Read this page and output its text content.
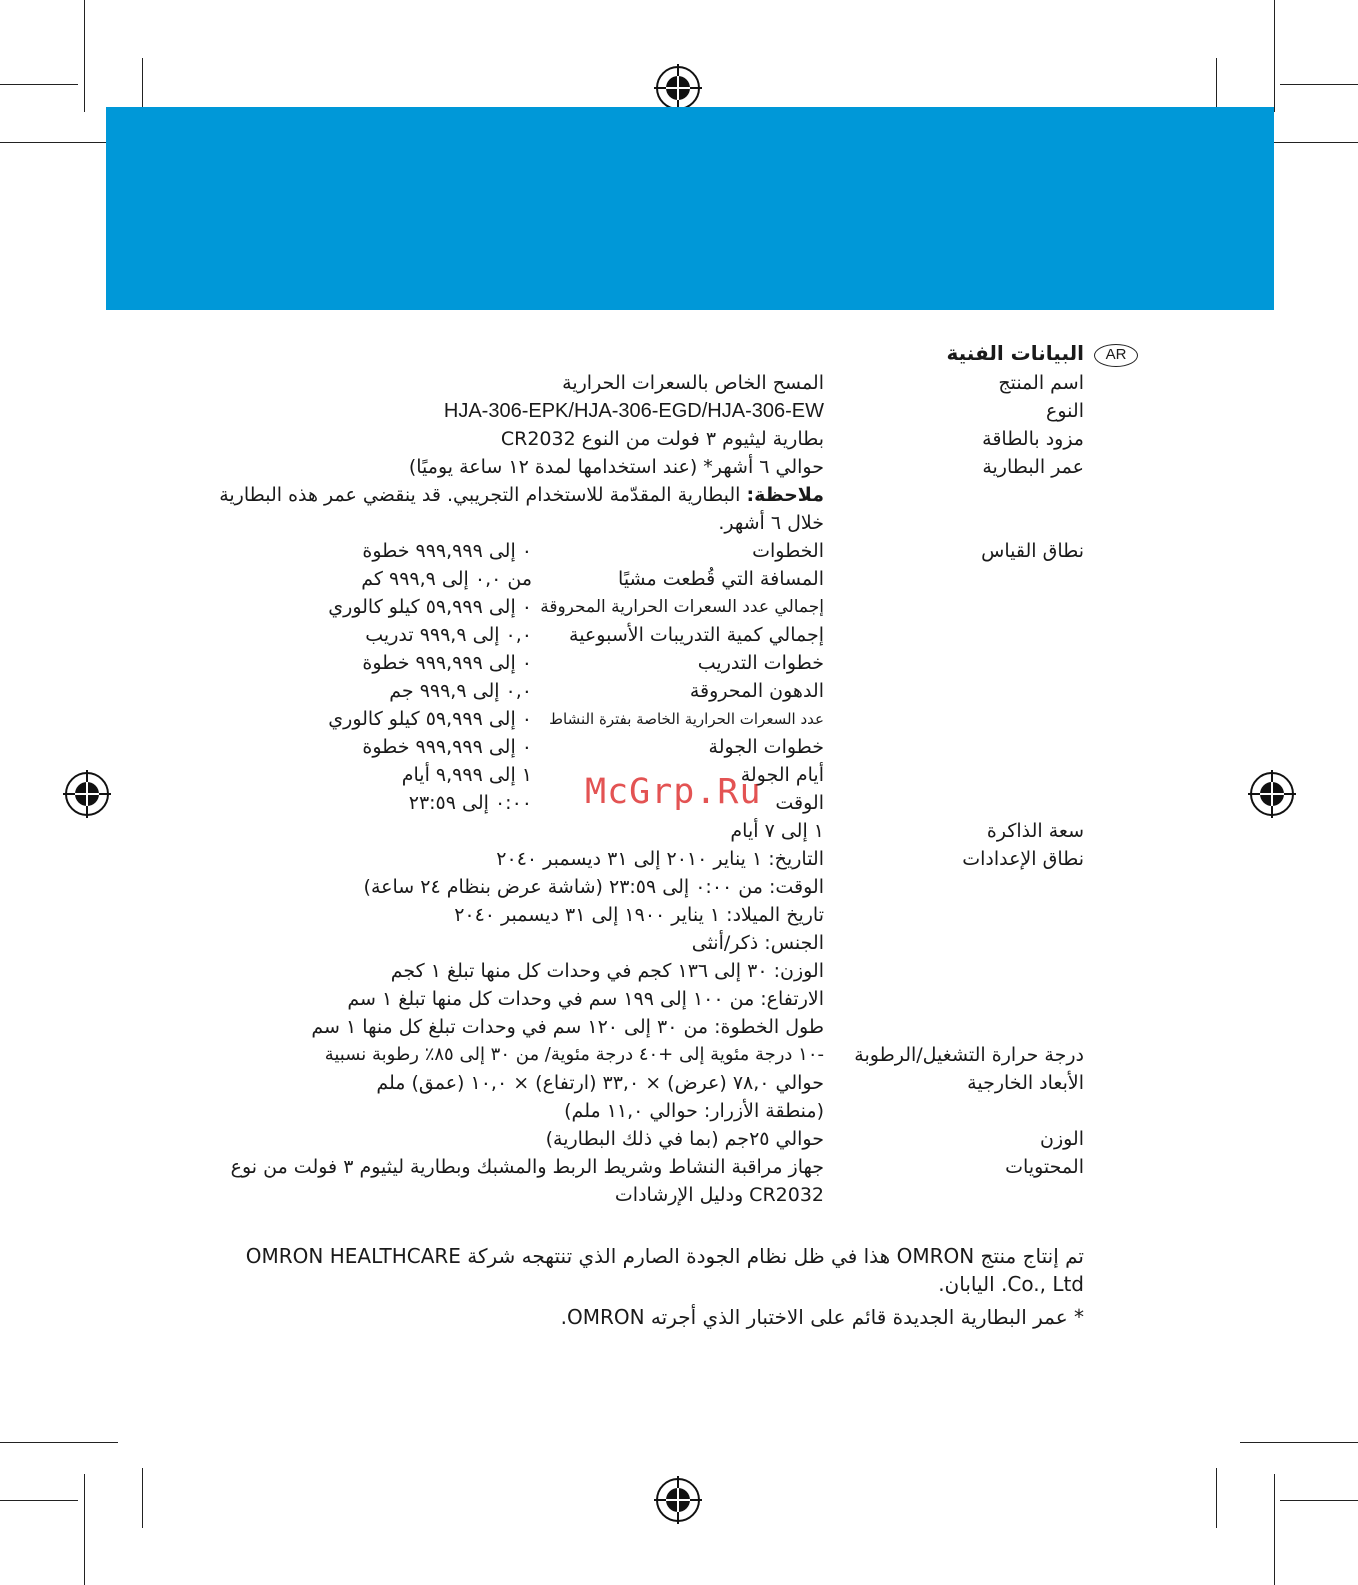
AR
البيانات الفنية
اسم المنتج
المسح الخاص بالسعرات الحرارية
النوع
HJA-306-EPK/HJA-306-EGD/HJA-306-EW
مزود بالطاقة
بطارية ليثيوم ٣ فولت من النوع CR2032
عمر البطارية
حوالي ٦ أشهر* (عند استخدامها لمدة ١٢ ساعة يوميًا)
ملاحظة: البطارية المقدّمة للاستخدام التجريبي. قد ينقضي عمر هذه البطارية
خلال ٦ أشهر.
نطاق القياس
الخطوات
٠ إلى ٩٩٩,٩٩٩ خطوة
المسافة التي قُطعت مشيًا
من ٠,٠ إلى ٩٩٩,٩ كم
إجمالي عدد السعرات الحرارية المحروقة
٠ إلى ٥٩,٩٩٩ كيلو كالوري
إجمالي كمية التدريبات الأسبوعية
٠,٠ إلى ٩٩٩,٩ تدريب
خطوات التدريب
٠ إلى ٩٩٩,٩٩٩ خطوة
الدهون المحروقة
٠,٠ إلى ٩٩٩,٩ جم
عدد السعرات الحرارية الخاصة بفترة النشاط
٠ إلى ٥٩,٩٩٩ كيلو كالوري
خطوات الجولة
٠ إلى ٩٩٩,٩٩٩ خطوة
أيام الجولة
١ إلى ٩,٩٩٩ أيام
الوقت
٠:٠٠ إلى ٢٣:٥٩
سعة الذاكرة
١ إلى ٧ أيام
نطاق الإعدادات
التاريخ: ١ يناير ٢٠١٠ إلى ٣١ ديسمبر ٢٠٤٠
الوقت: من ٠:٠٠ إلى ٢٣:٥٩ (شاشة عرض بنظام ٢٤ ساعة)
تاريخ الميلاد: ١ يناير ١٩٠٠ إلى ٣١ ديسمبر ٢٠٤٠
الجنس: ذكر/أنثى
الوزن: ٣٠ إلى ١٣٦ كجم في وحدات كل منها تبلغ ١ كجم
الارتفاع: من ١٠٠ إلى ١٩٩ سم في وحدات كل منها تبلغ ١ سم
طول الخطوة: من ٣٠ إلى ١٢٠ سم في وحدات تبلغ كل منها ١ سم
درجة حرارة التشغيل/الرطوبة
-١٠ درجة مئوية إلى +٤٠ درجة مئوية/ من ٣٠ إلى ٨٥٪ رطوبة نسبية
الأبعاد الخارجية
حوالي ٧٨,٠ (عرض) × ٣٣,٠ (ارتفاع) × ١٠,٠ (عمق) ملم
(منطقة الأزرار: حوالي ١١,٠ ملم)
الوزن
حوالي ٢٥جم (بما في ذلك البطارية)
المحتويات
جهاز مراقبة النشاط وشريط الربط والمشبك وبطارية ليثيوم ٣ فولت من نوع
CR2032 ودليل الإرشادات
تم إنتاج منتج OMRON هذا في ظل نظام الجودة الصارم الذي تنتهجه شركة OMRON HEALTHCARE
Co., Ltd. اليابان.
* عمر البطارية الجديدة قائم على الاختبار الذي أجرته OMRON.
McGrp.Ru
